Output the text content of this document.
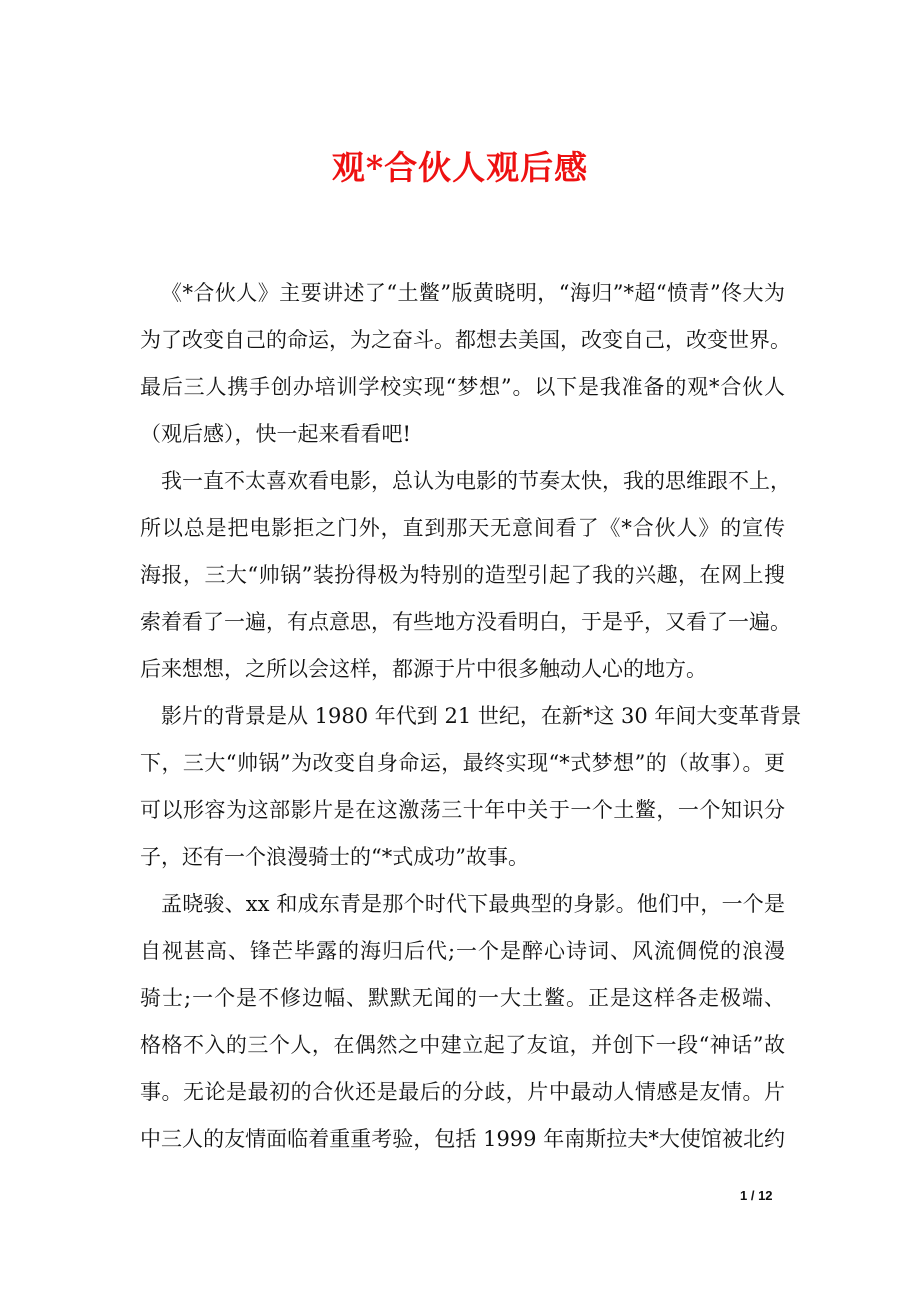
观*合伙人观后感
《*合伙人》主要讲述了“土鳖”版黄晓明，“海归”*超“愤青”佟大为
为了改变自己的命运，为之奋斗。都想去美国，改变自己，改变世界。
最后三人携手创办培训学校实现“梦想”。以下是我准备的观*合伙人
（观后感），快一起来看看吧!
我一直不太喜欢看电影，总认为电影的节奏太快，我的思维跟不上，
所以总是把电影拒之门外，直到那天无意间看了《*合伙人》的宣传
海报，三大“帅锅”装扮得极为特别的造型引起了我的兴趣，在网上搜
索着看了一遍，有点意思，有些地方没看明白，于是乎，又看了一遍。
后来想想，之所以会这样，都源于片中很多触动人心的地方。
影片的背景是从 1980 年代到 21 世纪，在新*这 30 年间大变革背景
下，三大“帅锅”为改变自身命运，最终实现“*式梦想”的（故事）。更
可以形容为这部影片是在这激荡三十年中关于一个土鳖，一个知识分
子，还有一个浪漫骑士的“*式成功”故事。
孟晓骏、xx 和成东青是那个时代下最典型的身影。他们中，一个是
自视甚高、锋芒毕露的海归后代;一个是醉心诗词、风流倜傥的浪漫
骑士;一个是不修边幅、默默无闻的一大土鳖。正是这样各走极端、
格格不入的三个人，在偶然之中建立起了友谊，并创下一段“神话”故
事。无论是最初的合伙还是最后的分歧，片中最动人情感是友情。片
中三人的友情面临着重重考验，包括 1999 年南斯拉夫*大使馆被北约
1 / 12
